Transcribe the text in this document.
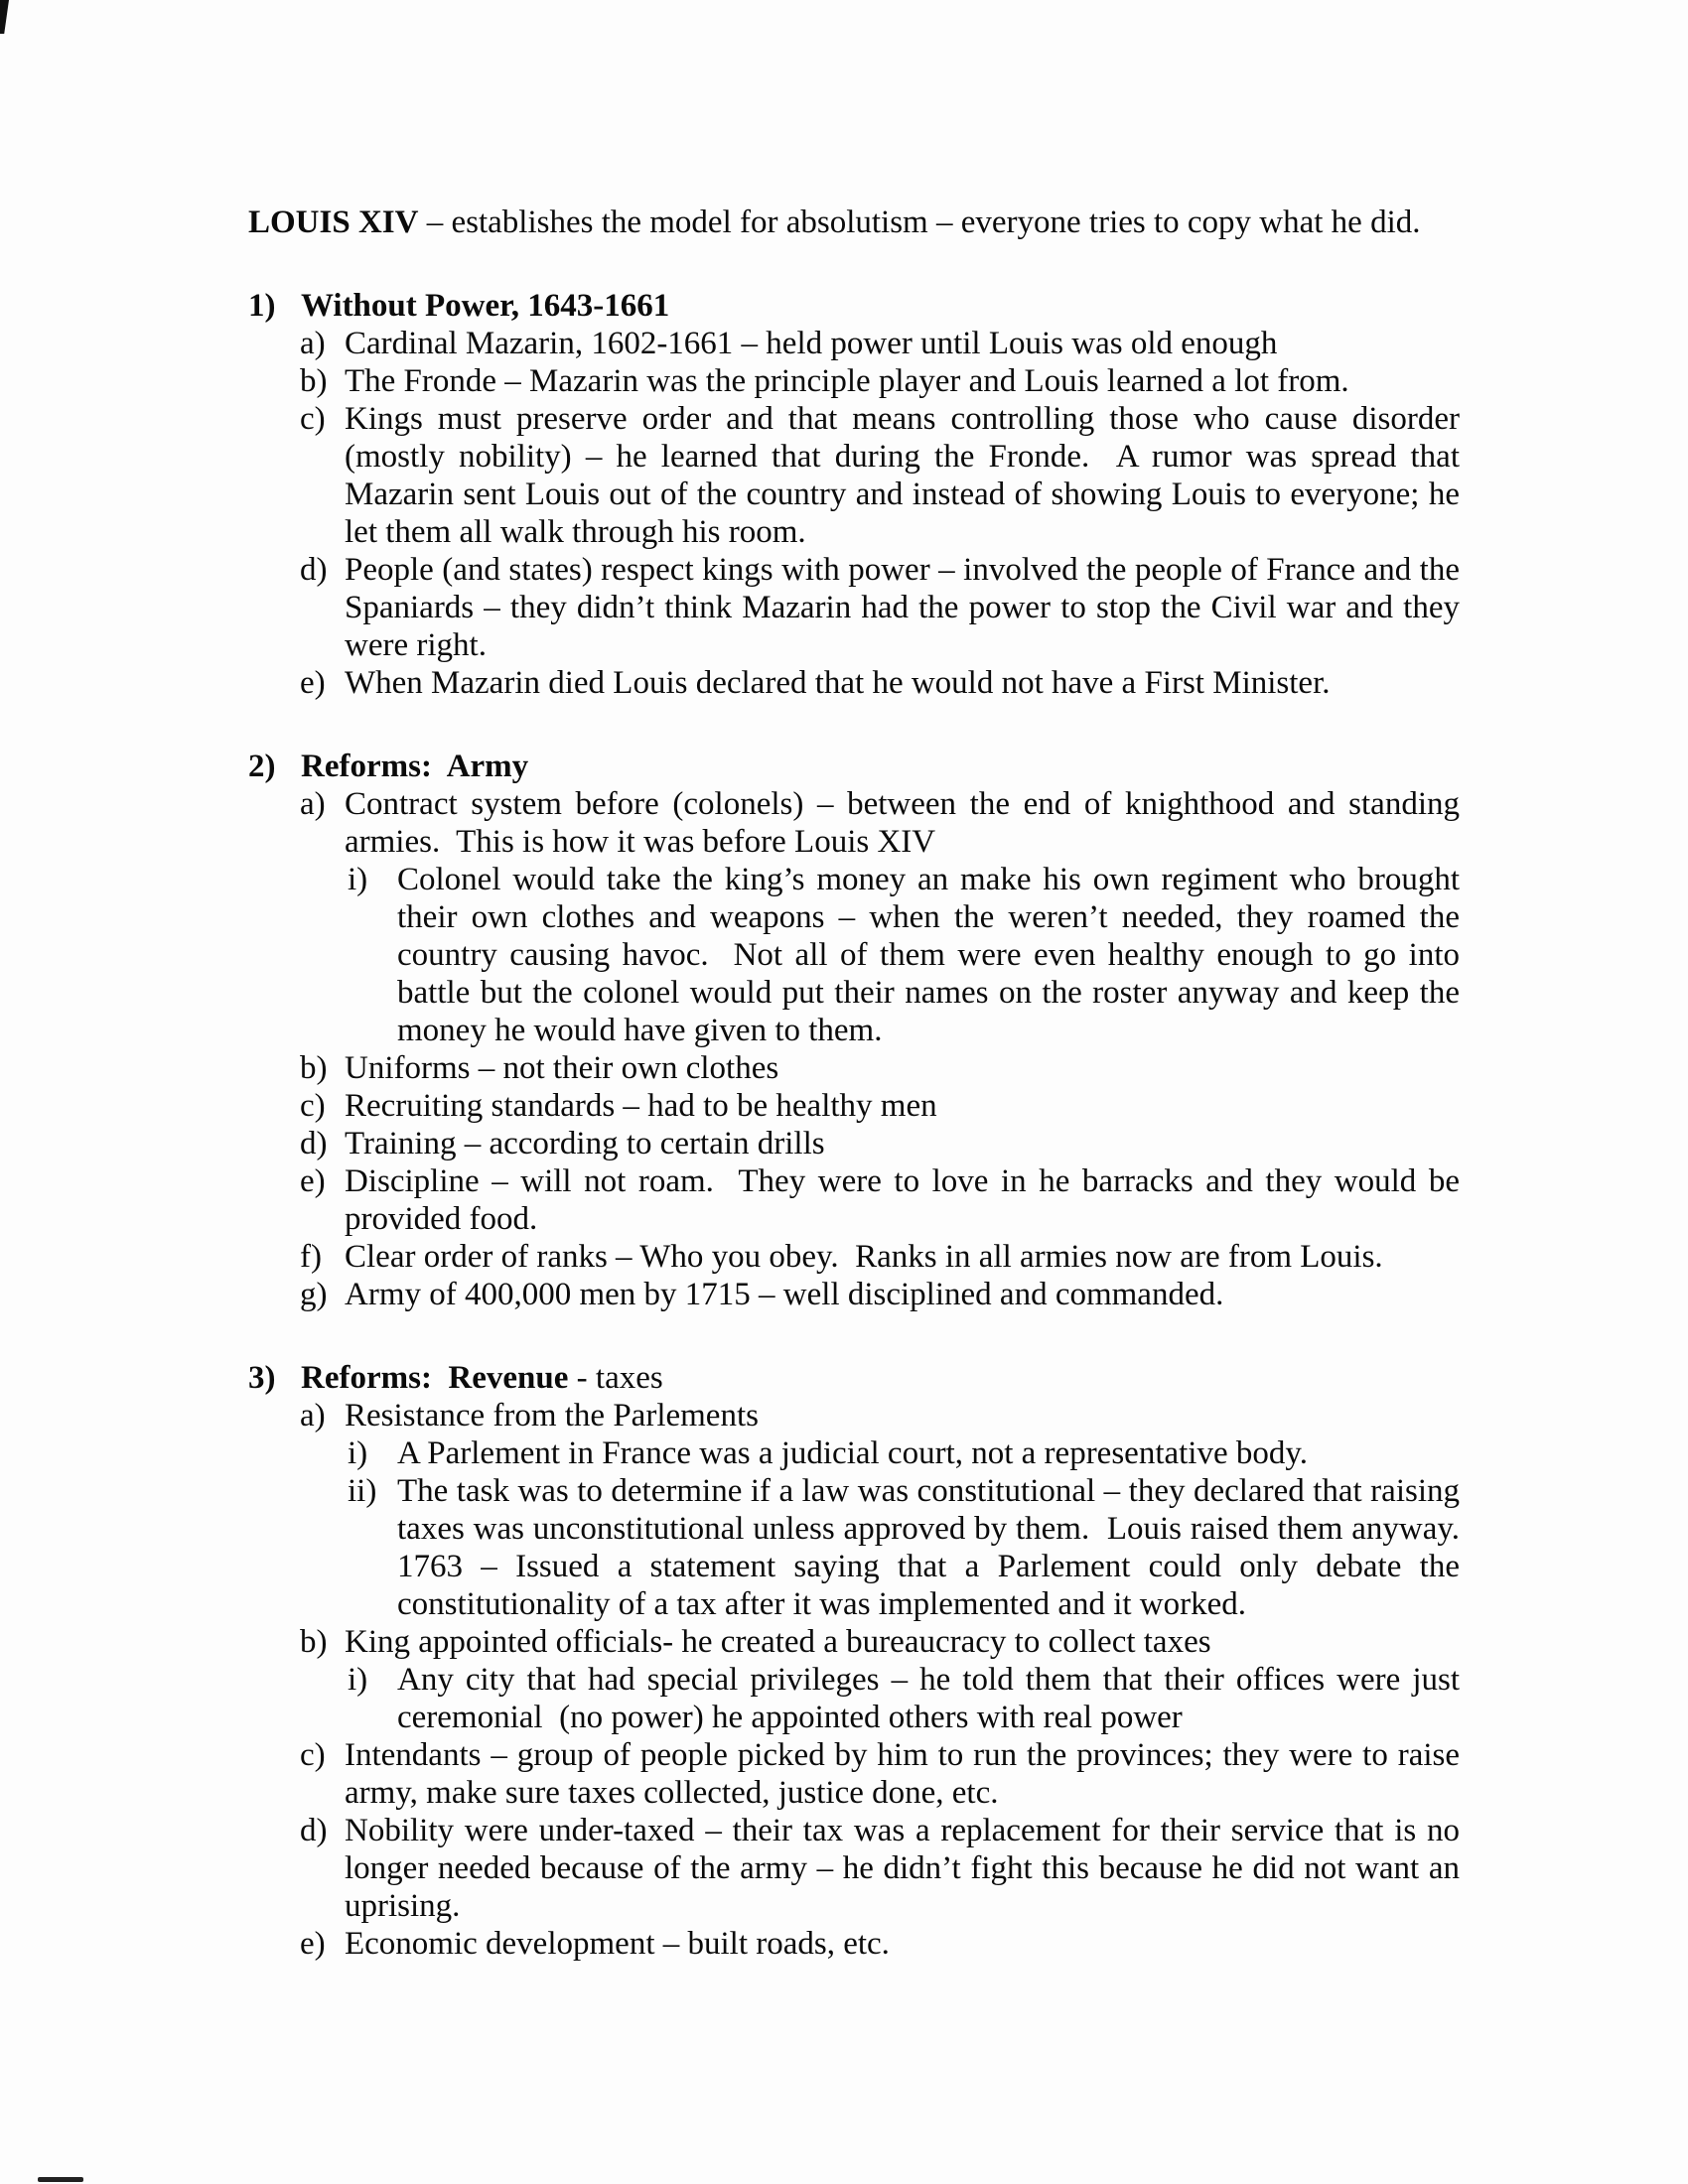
LOUIS XIV – establishes the model for absolutism – everyone tries to copy what he did.

1) Without Power, 1643-1661
a) Cardinal Mazarin, 1602-1661 – held power until Louis was old enough
b) The Fronde – Mazarin was the principle player and Louis learned a lot from.
c) Kings must preserve order and that means controlling those who cause disorder (mostly nobility) – he learned that during the Fronde.  A rumor was spread that Mazarin sent Louis out of the country and instead of showing Louis to everyone; he let them all walk through his room.
d) People (and states) respect kings with power – involved the people of France and the Spaniards – they didn’t think Mazarin had the power to stop the Civil war and they were right.
e) When Mazarin died Louis declared that he would not have a First Minister.
2) Reforms:  Army
a) Contract system before (colonels) – between the end of knighthood and standing armies.  This is how it was before Louis XIV
i) Colonel would take the king’s money an make his own regiment who brought their own clothes and weapons – when the weren’t needed, they roamed the country causing havoc.  Not all of them were even healthy enough to go into battle but the colonel would put their names on the roster anyway and keep the money he would have given to them.
b) Uniforms – not their own clothes
c) Recruiting standards – had to be healthy men
d) Training – according to certain drills
e) Discipline – will not roam.  They were to love in he barracks and they would be provided food.
f) Clear order of ranks – Who you obey.  Ranks in all armies now are from Louis.
g) Army of 400,000 men by 1715 – well disciplined and commanded.
3) Reforms:  Revenue - taxes
a) Resistance from the Parlements
i) A Parlement in France was a judicial court, not a representative body.
ii) The task was to determine if a law was constitutional – they declared that raising taxes was unconstitutional unless approved by them.  Louis raised them anyway.  1763 – Issued a statement saying that a Parlement could only debate the constitutionality of a tax after it was implemented and it worked.
b) King appointed officials- he created a bureaucracy to collect taxes
i) Any city that had special privileges – he told them that their offices were just ceremonial  (no power) he appointed others with real power
c) Intendants – group of people picked by him to run the provinces; they were to raise army, make sure taxes collected, justice done, etc.
d) Nobility were under-taxed – their tax was a replacement for their service that is no longer needed because of the army – he didn’t fight this because he did not want an uprising.
e) Economic development – built roads, etc.
